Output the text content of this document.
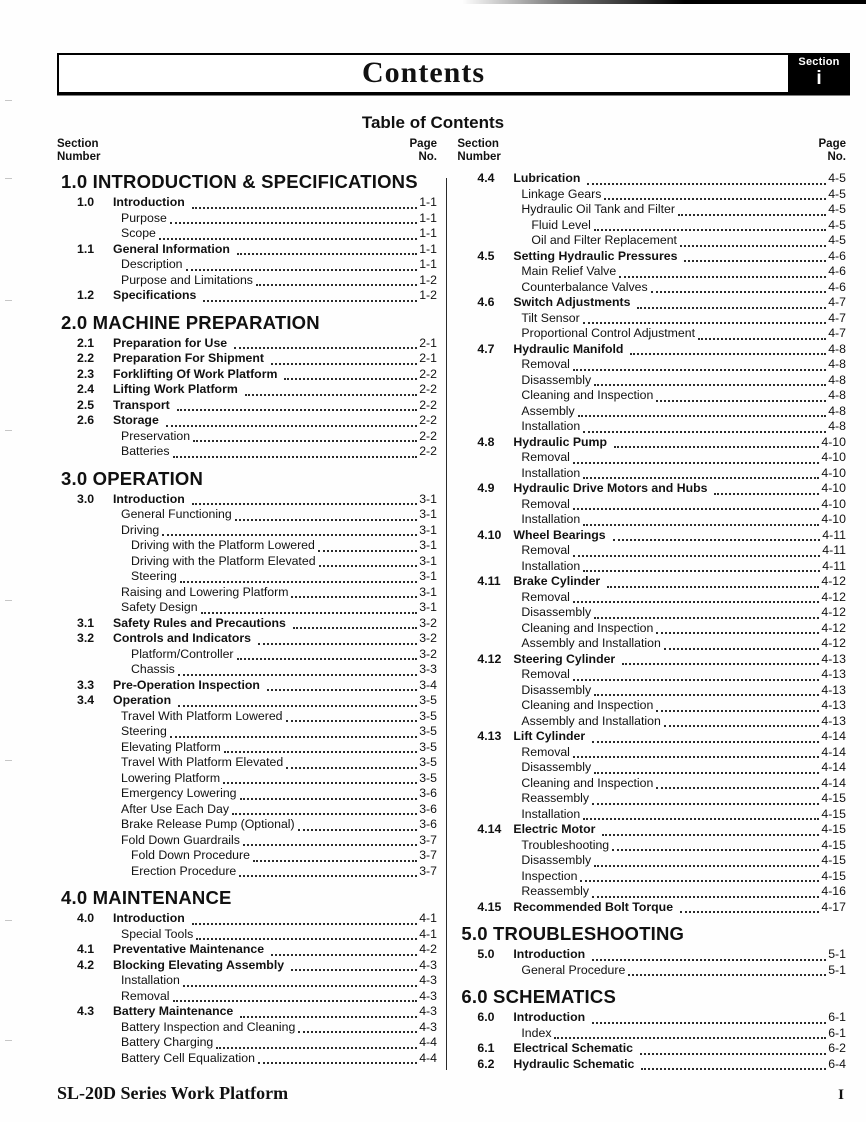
Contents	Section
i
Table of Contents
Section
Number
Page
No.
1.0 INTRODUCTION & SPECIFICATIONS
1.0	Introduction	1-1
Purpose	1-1
Scope	1-1
1.1	General Information	1-1
Description	1-1
Purpose and Limitations	1-2
1.2	Specifications	1-2
2.0 MACHINE PREPARATION
2.1	Preparation for Use	2-1
2.2	Preparation For Shipment	2-1
2.3	Forklifting Of Work Platform	2-2
2.4	Lifting Work Platform	2-2
2.5	Transport	2-2
2.6	Storage	2-2
Preservation	2-2
Batteries	2-2
3.0 OPERATION
3.0	Introduction	3-1
General Functioning	3-1
Driving	3-1
Driving with the Platform Lowered	3-1
Driving with the Platform Elevated	3-1
Steering	3-1
Raising and Lowering Platform	3-1
Safety Design	3-1
3.1	Safety Rules and Precautions	3-2
3.2	Controls and Indicators	3-2
Platform/Controller	3-2
Chassis	3-3
3.3	Pre-Operation Inspection	3-4
3.4	Operation	3-5
Travel With Platform Lowered	3-5
Steering	3-5
Elevating Platform	3-5
Travel With Platform Elevated	3-5
Lowering Platform	3-5
Emergency Lowering	3-6
After Use Each Day	3-6
Brake Release Pump (Optional)	3-6
Fold Down Guardrails	3-7
Fold Down Procedure	3-7
Erection Procedure	3-7
4.0 MAINTENANCE
4.0	Introduction	4-1
Special Tools	4-1
4.1	Preventative Maintenance	4-2
4.2	Blocking Elevating Assembly	4-3
Installation	4-3
Removal	4-3
4.3	Battery Maintenance	4-3
Battery Inspection and Cleaning	4-3
Battery Charging	4-4
Battery Cell Equalization	4-4
Section
Number
Page
No.
4.4	Lubrication	4-5
Linkage Gears	4-5
Hydraulic Oil Tank and Filter	4-5
Fluid Level	4-5
Oil and Filter Replacement	4-5
4.5	Setting Hydraulic Pressures	4-6
Main Relief Valve	4-6
Counterbalance Valves	4-6
4.6	Switch Adjustments	4-7
Tilt Sensor	4-7
Proportional Control Adjustment	4-7
4.7	Hydraulic Manifold	4-8
Removal	4-8
Disassembly	4-8
Cleaning and Inspection	4-8
Assembly	4-8
Installation	4-8
4.8	Hydraulic Pump	4-10
Removal	4-10
Installation	4-10
4.9	Hydraulic Drive Motors and Hubs	4-10
Removal	4-10
Installation	4-10
4.10 Wheel Bearings	4-11
Removal	4-11
Installation	4-11
4.11	Brake Cylinder	4-12
Removal	4-12
Disassembly	4-12
Cleaning and Inspection	4-12
Assembly and Installation	4-12
4.12 Steering Cylinder	4-13
Removal	4-13
Disassembly	4-13
Cleaning and Inspection	4-13
Assembly and Installation	4-13
4.13 Lift Cylinder	4-14
Removal	4-14
Disassembly	4-14
Cleaning and Inspection	4-14
Reassembly	4-15
Installation	4-15
4.14 Electric Motor	4-15
Troubleshooting	4-15
Disassembly	4-15
Inspection	4-15
Reassembly	4-16
4.15 Recommended Bolt Torque	4-17
5.0 TROUBLESHOOTING
5.0	Introduction	5-1
General Procedure	5-1
6.0 SCHEMATICS
6.0	Introduction	6-1
Index	6-1
6.1	Electrical Schematic	6-2
6.2	Hydraulic Schematic	6-4
SL-20D Series Work Platform	I
